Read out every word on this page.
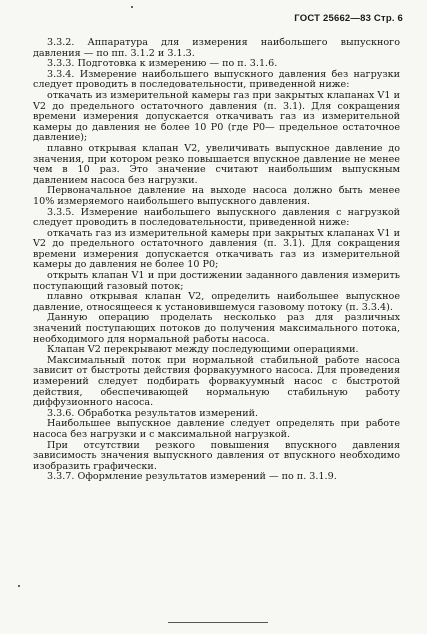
ГОСТ 25662—83 Стр. 6

3.3.2. Аппаратура для измерения наибольшего выпускного давления — по пп. 3.1.2 и 3.1.3.

3.3.3. Подготовка к измерению — по п. 3.1.6.

3.3.4. Измерение наибольшего выпускного давления без нагрузки следует проводить в последовательности, приведенной ниже:

откачать из измерительной камеры газ при закрытых клапанах V1 и V2 до предельного остаточного давления (п. 3.1). Для сокращения времени измерения допускается откачивать газ из измерительной камеры до давления не более 10 P0 (где P0— предельное остаточное давление);

плавно открывая клапан V2, увеличивать выпускное давление до значения, при котором резко повышается впускное давление не менее чем в 10 раз. Это значение считают наибольшим выпускным давлением насоса без нагрузки.

Первоначальное давление на выходе насоса должно быть менее 10% измеряемого наибольшего выпускного давления.

3.3.5. Измерение наибольшего выпускного давления с нагрузкой следует проводить в последовательности, приведенной ниже:

откачать газ из измерительной камеры при закрытых клапанах V1 и V2 до предельного остаточного давления (п. 3.1). Для сокращения времени измерения допускается откачивать газ из измерительной камеры до давления не более 10 P0;

открыть клапан V1 и при достижении заданного давления измерить поступающий газовый поток;

плавно открывая клапан V2, определить наибольшее выпускное давление, относящееся к установившемуся газовому потоку (п. 3.3.4).

Данную операцию проделать несколько раз для различных значений поступающих потоков до получения максимального потока, необходимого для нормальной работы насоса.

Клапан V2 перекрывают между последующими операциями.

Максимальный поток при нормальной стабильной работе насоса зависит от быстроты действия форвакуумного насоса. Для проведения измерений следует подбирать форвакуумный насос с быстротой действия, обеспечивающей нормальную стабильную работу диффузионного насоса.

3.3.6. Обработка результатов измерений.

Наибольшее выпускное давление следует определять при работе насоса без нагрузки и с максимальной нагрузкой.

При отсутствии резкого повышения впускного давления зависимость значения выпускного давления от впускного необходимо изобразить графически.

3.3.7. Оформление результатов измерений — по п. 3.1.9.
